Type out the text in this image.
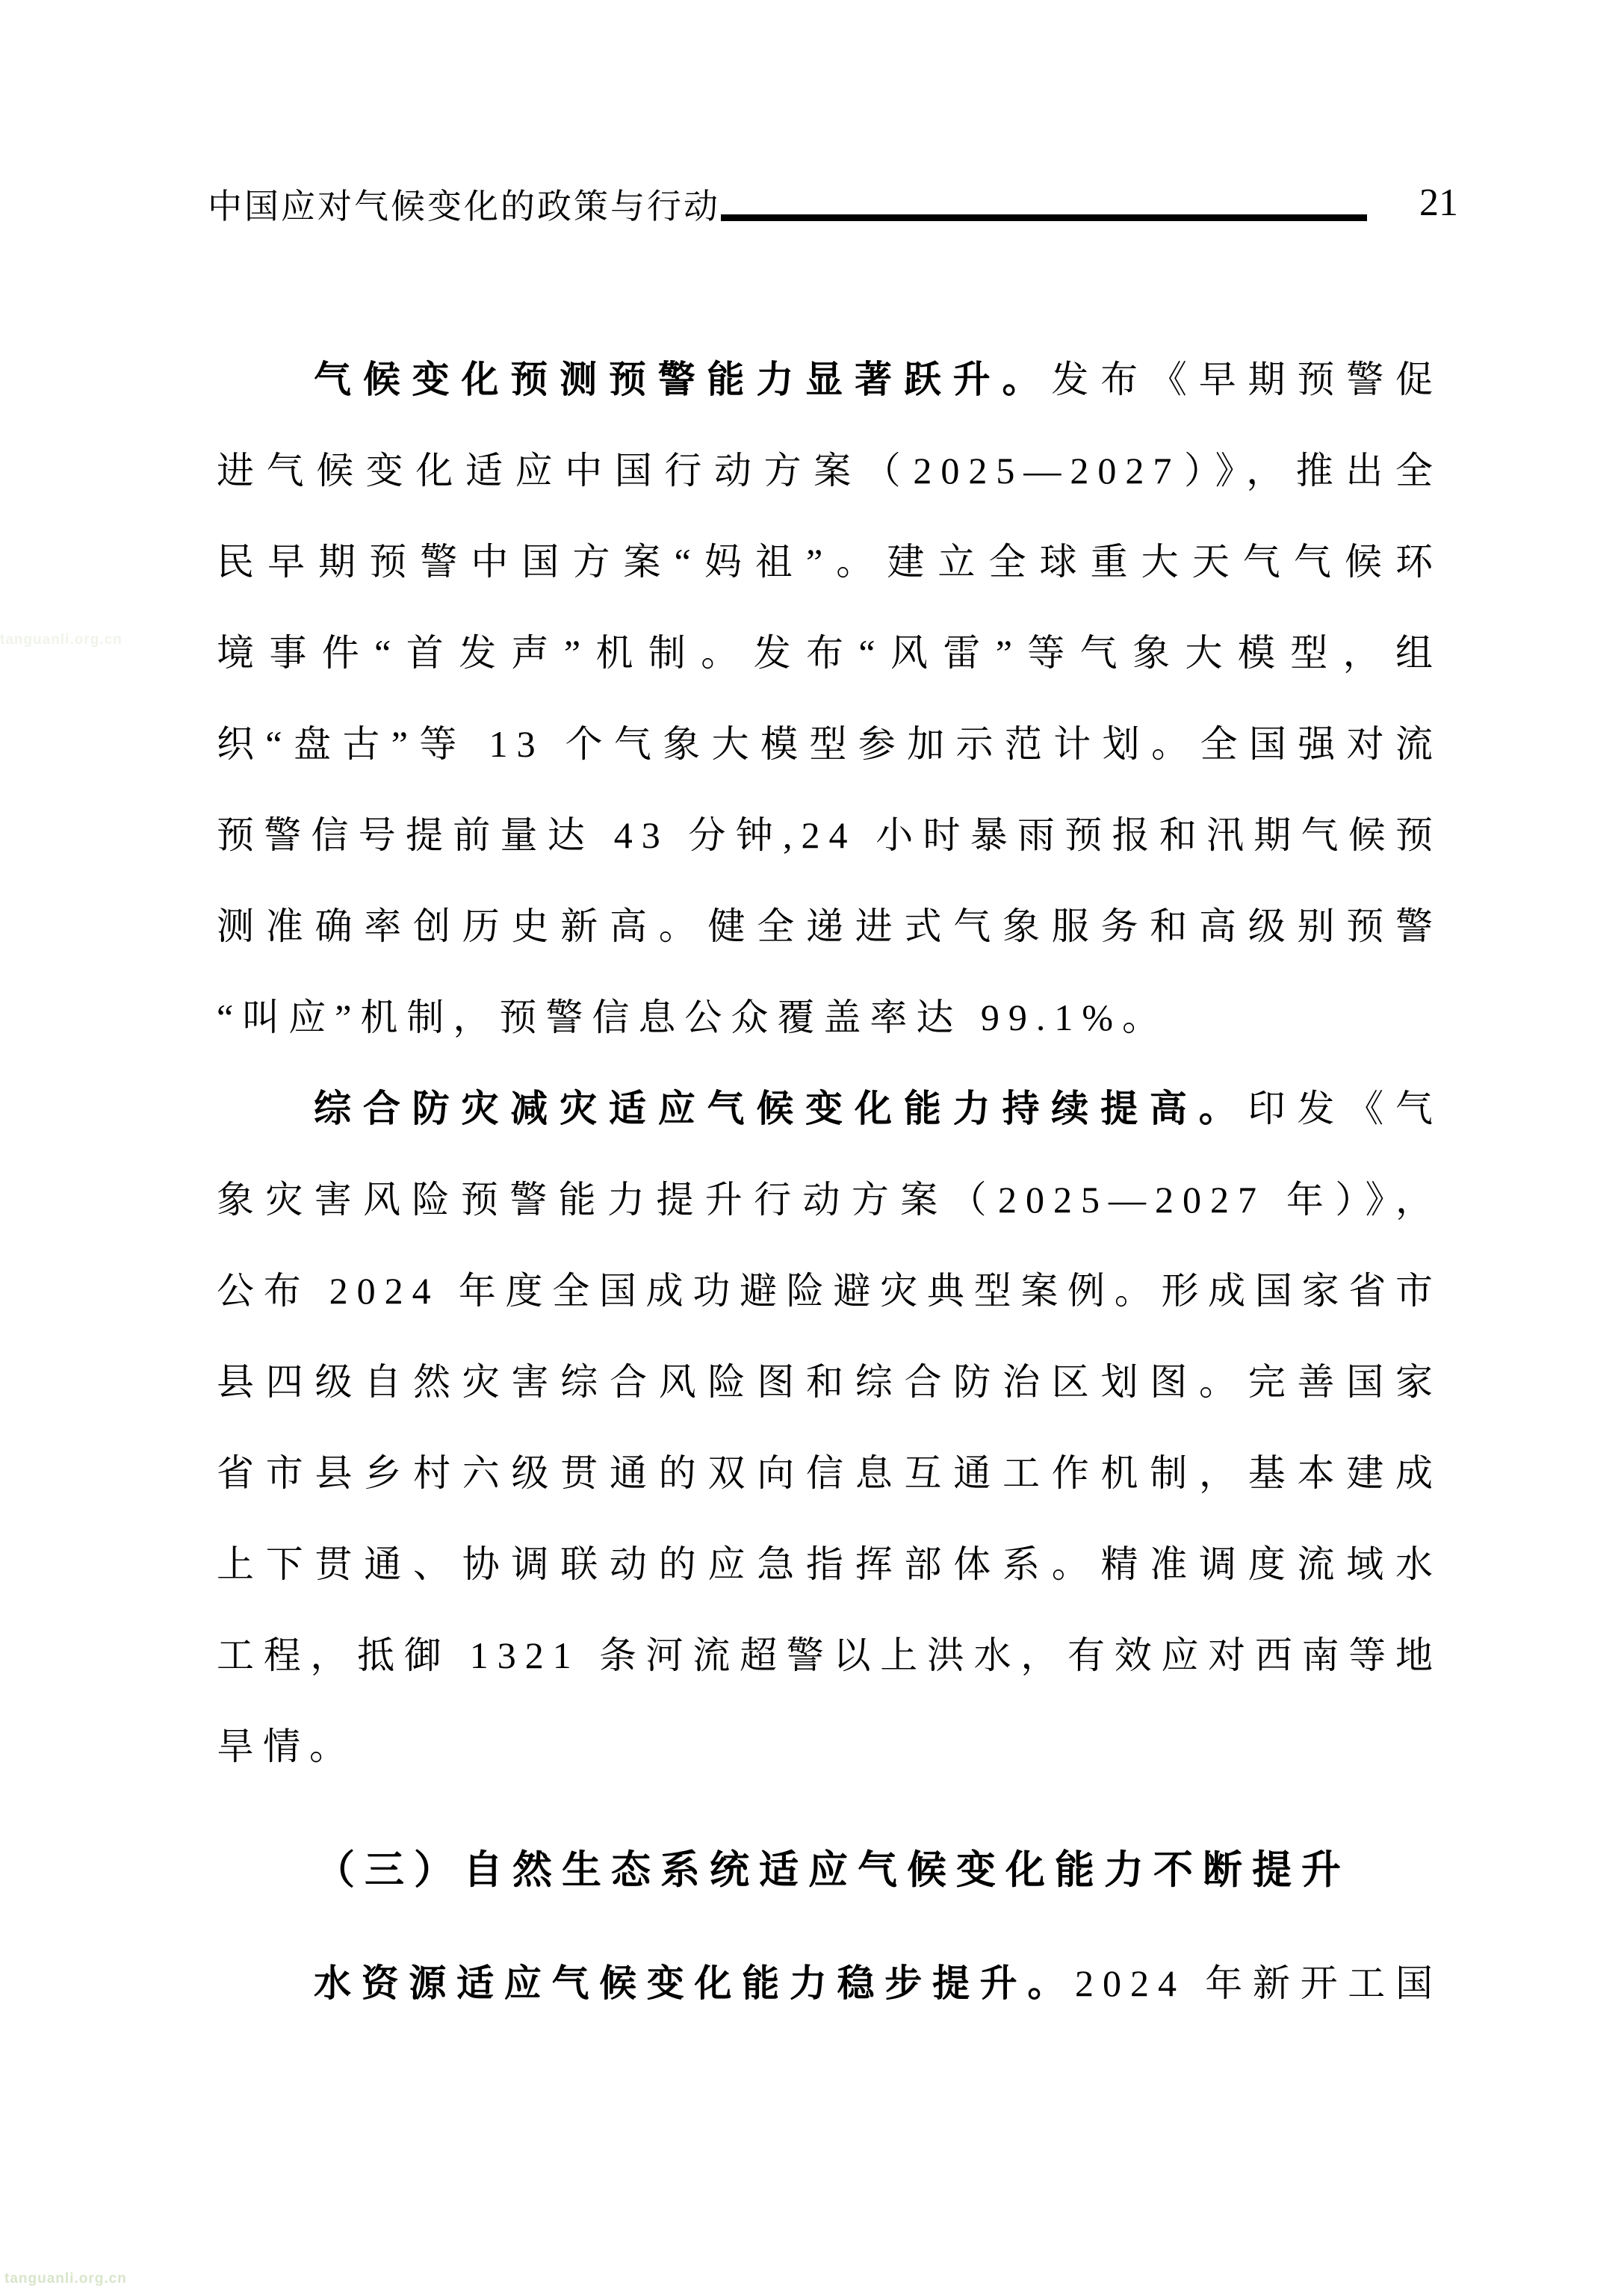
中国应对气候变化的政策与行动	21
气候变化预测预警能力显著跃升。发布《早期预警促
进气候变化适应中国行动方案（2025—2027）》，推出全
民早期预警中国方案“妈祖”。建立全球重大天气气候环
境事件“首发声”机制。发布“风雷”等气象大模型，组
织“盘古”等 13 个气象大模型参加示范计划。全国强对流
预警信号提前量达 43 分钟,24 小时暴雨预报和汛期气候预
测准确率创历史新高。健全递进式气象服务和高级别预警
“叫应”机制，预警信息公众覆盖率达 99.1%。
综合防灾减灾适应气候变化能力持续提高。印发《气
象灾害风险预警能力提升行动方案（2025—2027 年）》，
公布 2024 年度全国成功避险避灾典型案例。形成国家省市
县四级自然灾害综合风险图和综合防治区划图。完善国家
省市县乡村六级贯通的双向信息互通工作机制，基本建成
上下贯通、协调联动的应急指挥部体系。精准调度流域水
工程，抵御 1321 条河流超警以上洪水，有效应对西南等地
旱情。
（三）自然生态系统适应气候变化能力不断提升
水资源适应气候变化能力稳步提升。2024 年新开工国
tanguanli.org.cn
tanguanli.org.cn
